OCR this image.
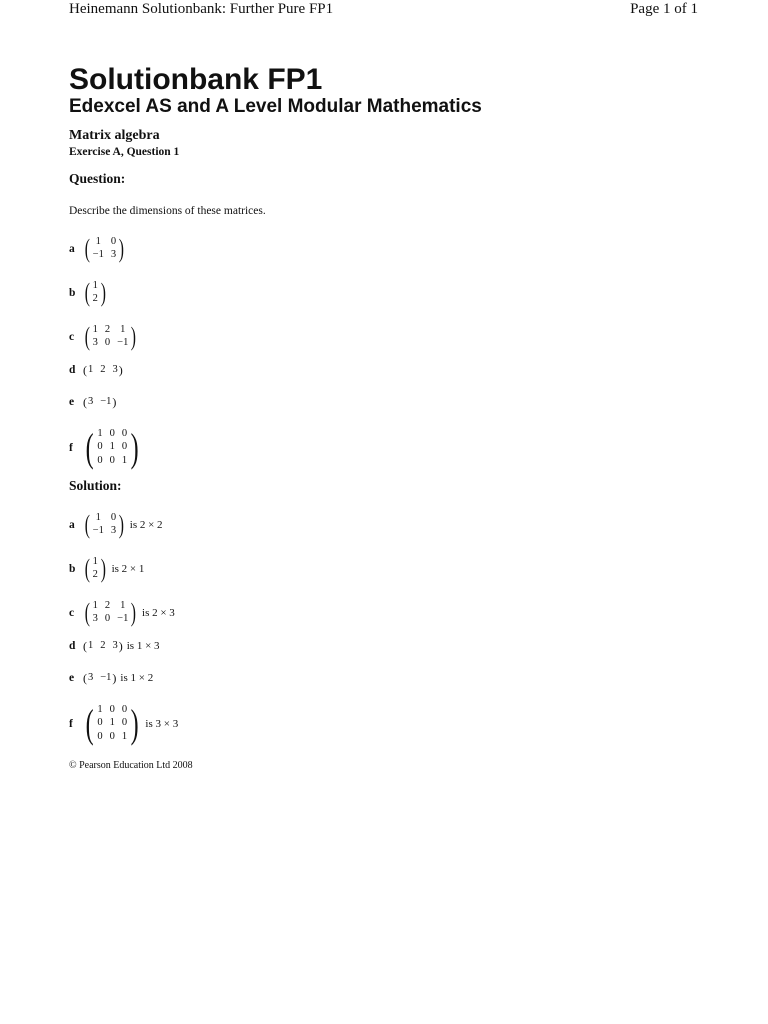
Heinemann Solutionbank: Further Pure FP1	Page 1 of 1
Solutionbank FP1
Edexcel AS and A Level Modular Mathematics
Matrix algebra
Exercise A, Question 1
Question:
Describe the dimensions of these matrices.
a ( 1 0
−1 3 )
b ( 1
2 )
c ( 1 2 1
3 0 −1 )
d ( 1 2 3 )
e ( 3 −1 )
f ( 1 0 0
0 1 0
0 0 1 )
Solution:
a ( 1 0
−1 3 ) is 2 × 2
b ( 1
2 ) is 2 × 1
c ( 1 2 1
3 0 −1 ) is 2 × 3
d ( 1 2 3 ) is 1 × 3
e ( 3 −1 ) is 1 × 2
f ( 1 0 0
0 1 0
0 0 1 ) is 3 × 3
© Pearson Education Ltd 2008
